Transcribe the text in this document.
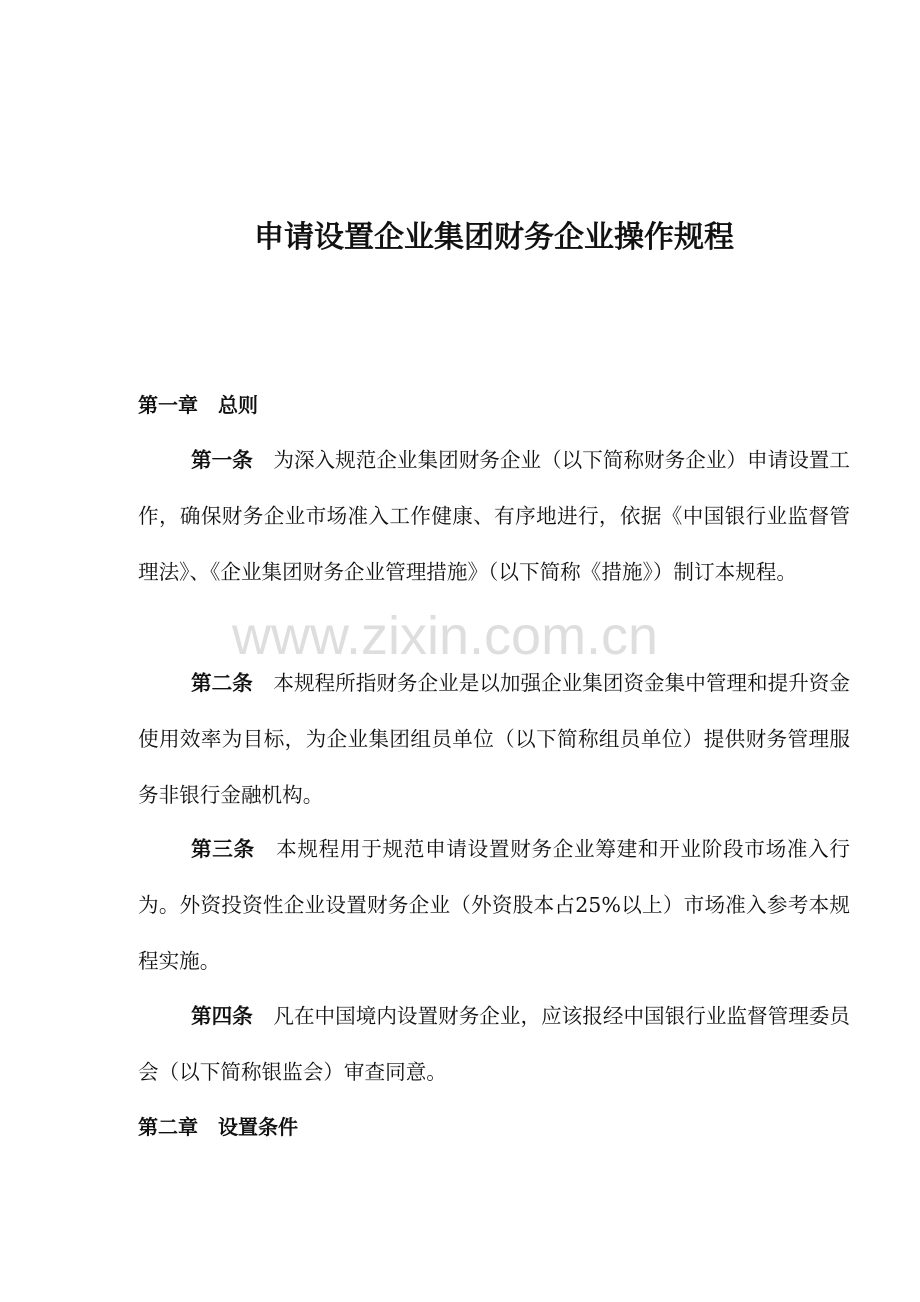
申请设置企业集团财务企业操作规程
第一章　总则

第一条　为深入规范企业集团财务企业（以下简称财务企业）申请设置工作，确保财务企业市场准入工作健康、有序地进行，依据《中国银行业监督管理法》、《企业集团财务企业管理措施》（以下简称《措施》）制订本规程。

第二条　本规程所指财务企业是以加强企业集团资金集中管理和提升资金使用效率为目标，为企业集团组员单位（以下简称组员单位）提供财务管理服务非银行金融机构。

第三条　本规程用于规范申请设置财务企业筹建和开业阶段市场准入行为。外资投资性企业设置财务企业（外资股本占25%以上）市场准入参考本规程实施。

第四条　凡在中国境内设置财务企业，应该报经中国银行业监督管理委员会（以下简称银监会）审查同意。

第二章　设置条件
www.zixin.com.cn
